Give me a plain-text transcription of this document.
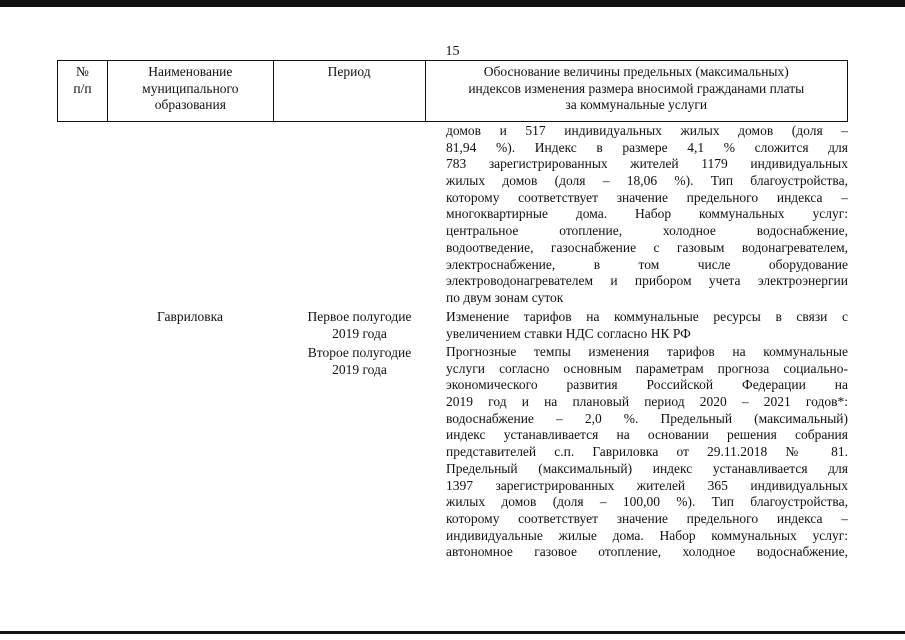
15
№
п/п
Наименование
муниципального
образования
Период	Обоснование величины предельных (максимальных)
индексов изменения размера вносимой гражданами платы
за коммунальные услуги
домов и 517 индивидуальных жилых домов (доля –
81,94 %). Индекс в размере 4,1 % сложится для
783 зарегистрированных жителей 1179 индивидуальных
жилых домов (доля – 18,06 %). Тип благоустройства,
которому соответствует значение предельного индекса –
многоквартирные дома. Набор коммунальных услуг:
центральное отопление, холодное водоснабжение,
водоотведение, газоснабжение с газовым водонагревателем,
электроснабжение, в том числе оборудование
электроводонагревателем и прибором учета электроэнергии
по двум зонам суток
Гавриловка	Первое полугодие
2019 года
Второе полугодие
2019 года
Изменение тарифов на коммунальные ресурсы в связи с
увеличением ставки НДС согласно НК РФ
Прогнозные темпы изменения тарифов на коммунальные
услуги согласно основным параметрам прогноза социально-
экономического развития Российской Федерации на
2019 год и на плановый период 2020 – 2021 годов*:
водоснабжение – 2,0 %. Предельный (максимальный)
индекс устанавливается на основании решения собрания
представителей с.п. Гавриловка от 29.11.2018 № 81.
Предельный (максимальный) индекс устанавливается для
1397 зарегистрированных жителей 365 индивидуальных
жилых домов (доля – 100,00 %). Тип благоустройства,
которому соответствует значение предельного индекса –
индивидуальные жилые дома. Набор коммунальных услуг:
автономное газовое отопление, холодное водоснабжение,
